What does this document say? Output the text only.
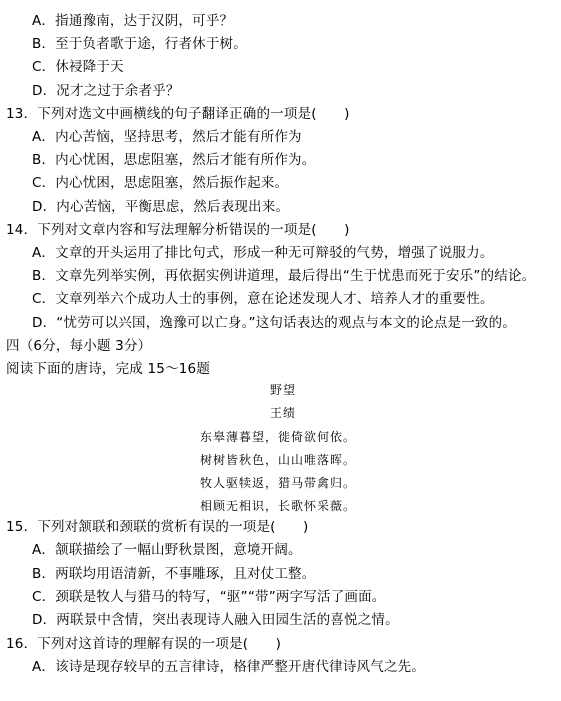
A．指通豫南，达于汉阴，可乎？
B．至于负者歌于途，行者休于树。
C．休祲降于天
D．况才之过于余者乎？
13．下列对选文中画横线的句子翻译正确的一项是(　　)
A．内心苦恼，坚持思考，然后才能有所作为
B．内心忧困，思虑阻塞，然后才能有所作为。
C．内心忧困，思虑阻塞，然后振作起来。
D．内心苦恼，平衡思虑，然后表现出来。
14．下列对文章内容和写法理解分析错误的一项是(　　)
A．文章的开头运用了排比句式，形成一种无可辩驳的气势，增强了说服力。
B．文章先列举实例，再依据实例讲道理，最后得出“生于忧患而死于安乐”的结论。
C．文章列举六个成功人士的事例，意在论述发现人才、培养人才的重要性。
D．“忧劳可以兴国，逸豫可以亡身。”这句话表达的观点与本文的论点是一致的。
四（6分，每小题 3分）
阅读下面的唐诗，完成 15～16题
野望
王绩
东皋薄暮望，徙倚欲何依。
树树皆秋色，山山唯落晖。
牧人驱犊返，猎马带禽归。
相顾无相识，长歌怀采薇。
15．下列对颔联和颈联的赏析有误的一项是(　　)
A．颔联描绘了一幅山野秋景图，意境开阔。
B．两联均用语清新，不事雕琢，且对仗工整。
C．颈联是牧人与猎马的特写，“驱”“带”两字写活了画面。
D．两联景中含情，突出表现诗人融入田园生活的喜悦之情。
16．下列对这首诗的理解有误的一项是(　　)
A．该诗是现存较早的五言律诗，格律严整开唐代律诗风气之先。
